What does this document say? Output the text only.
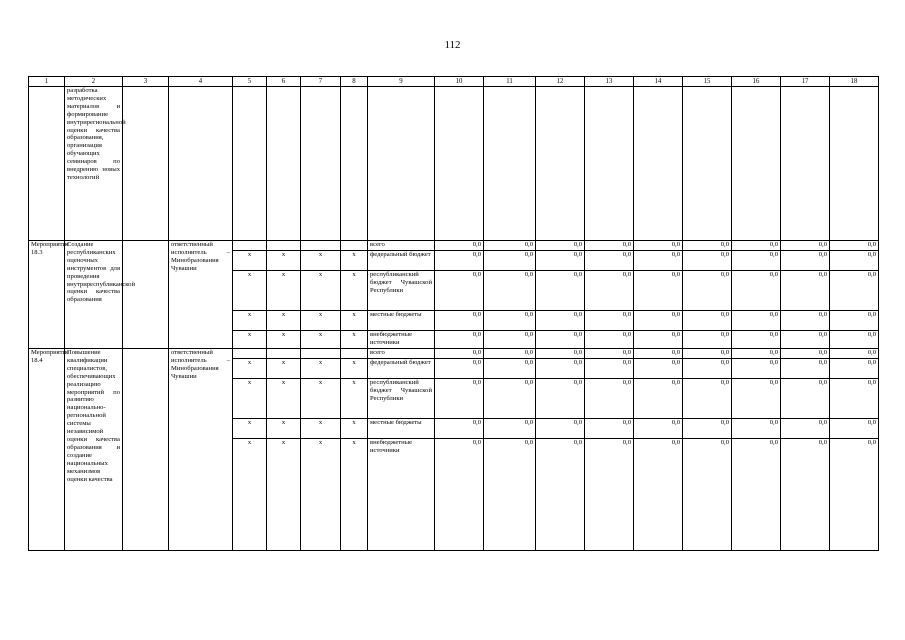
112
1	2	3	4	5	6	7	8	9	10	11	12	13	14	15	16	17	18
	разработка методических материалов и формирование внутрирегиональной оценки качества образования, организация обучающих семинаров по внедрению новых технологий																
Мероприятие 18.3	Создание республиканских оценочных инструментов для проведения внутриреспубликанской оценки качества образования		ответственный исполнитель – Минобразования Чувашии					всего	0,0	0,0	0,0	0,0	0,0	0,0	0,0	0,0	0,0
				x	x	x	x	федеральный бюджет	0,0	0,0	0,0	0,0	0,0	0,0	0,0	0,0	0,0
				x	x	x	x	республиканский бюджет Чувашской Республики	0,0	0,0	0,0	0,0	0,0	0,0	0,0	0,0	0,0
				x	x	x	x	местные бюджеты	0,0	0,0	0,0	0,0	0,0	0,0	0,0	0,0	0,0
				x	x	x	x	внебюджетные источники	0,0	0,0	0,0	0,0	0,0	0,0	0,0	0,0	0,0
Мероприятие 18.4	Повышение квалификации специалистов, обеспечивающих реализацию мероприятий по развитию национально-региональной системы независимой оценки качества образования и создание национальных механизмов оценки качества		ответственный исполнитель – Минобразования Чувашии					всего	0,0	0,0	0,0	0,0	0,0	0,0	0,0	0,0	0,0
				x	x	x	x	федеральный бюджет	0,0	0,0	0,0	0,0	0,0	0,0	0,0	0,0	0,0
				x	x	x	x	республиканский бюджет Чувашской Республики	0,0	0,0	0,0	0,0	0,0	0,0	0,0	0,0	0,0
				x	x	x	x	местные бюджеты	0,0	0,0	0,0	0,0	0,0	0,0	0,0	0,0	0,0
				x	x	x	x	внебюджетные источники	0,0	0,0	0,0	0,0	0,0	0,0	0,0	0,0	0,0
